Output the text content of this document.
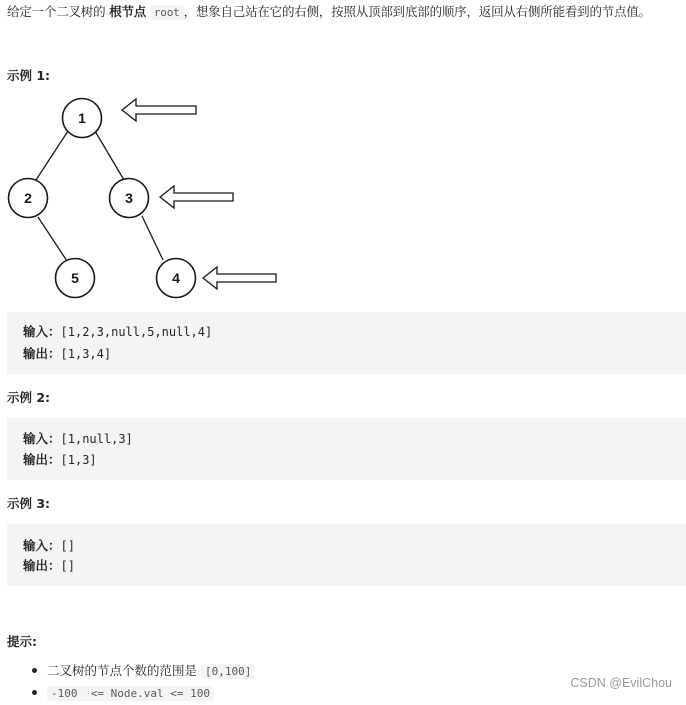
给定一个二叉树的 根节点 root ，想象自己站在它的右侧，按照从顶部到底部的顺序，返回从右侧所能看到的节点值。
示例 1:
1
2	3
5	4
输入：[1,2,3,null,5,null,4]
输出：[1,3,4]
示例 2:
输入：[1,null,3]
输出：[1,3]
示例 3:
输入：[]
输出：[]
提示:
二叉树的节点个数的范围是 [0,100]
-100  <= Node.val <= 100
CSDN @EvilChou
